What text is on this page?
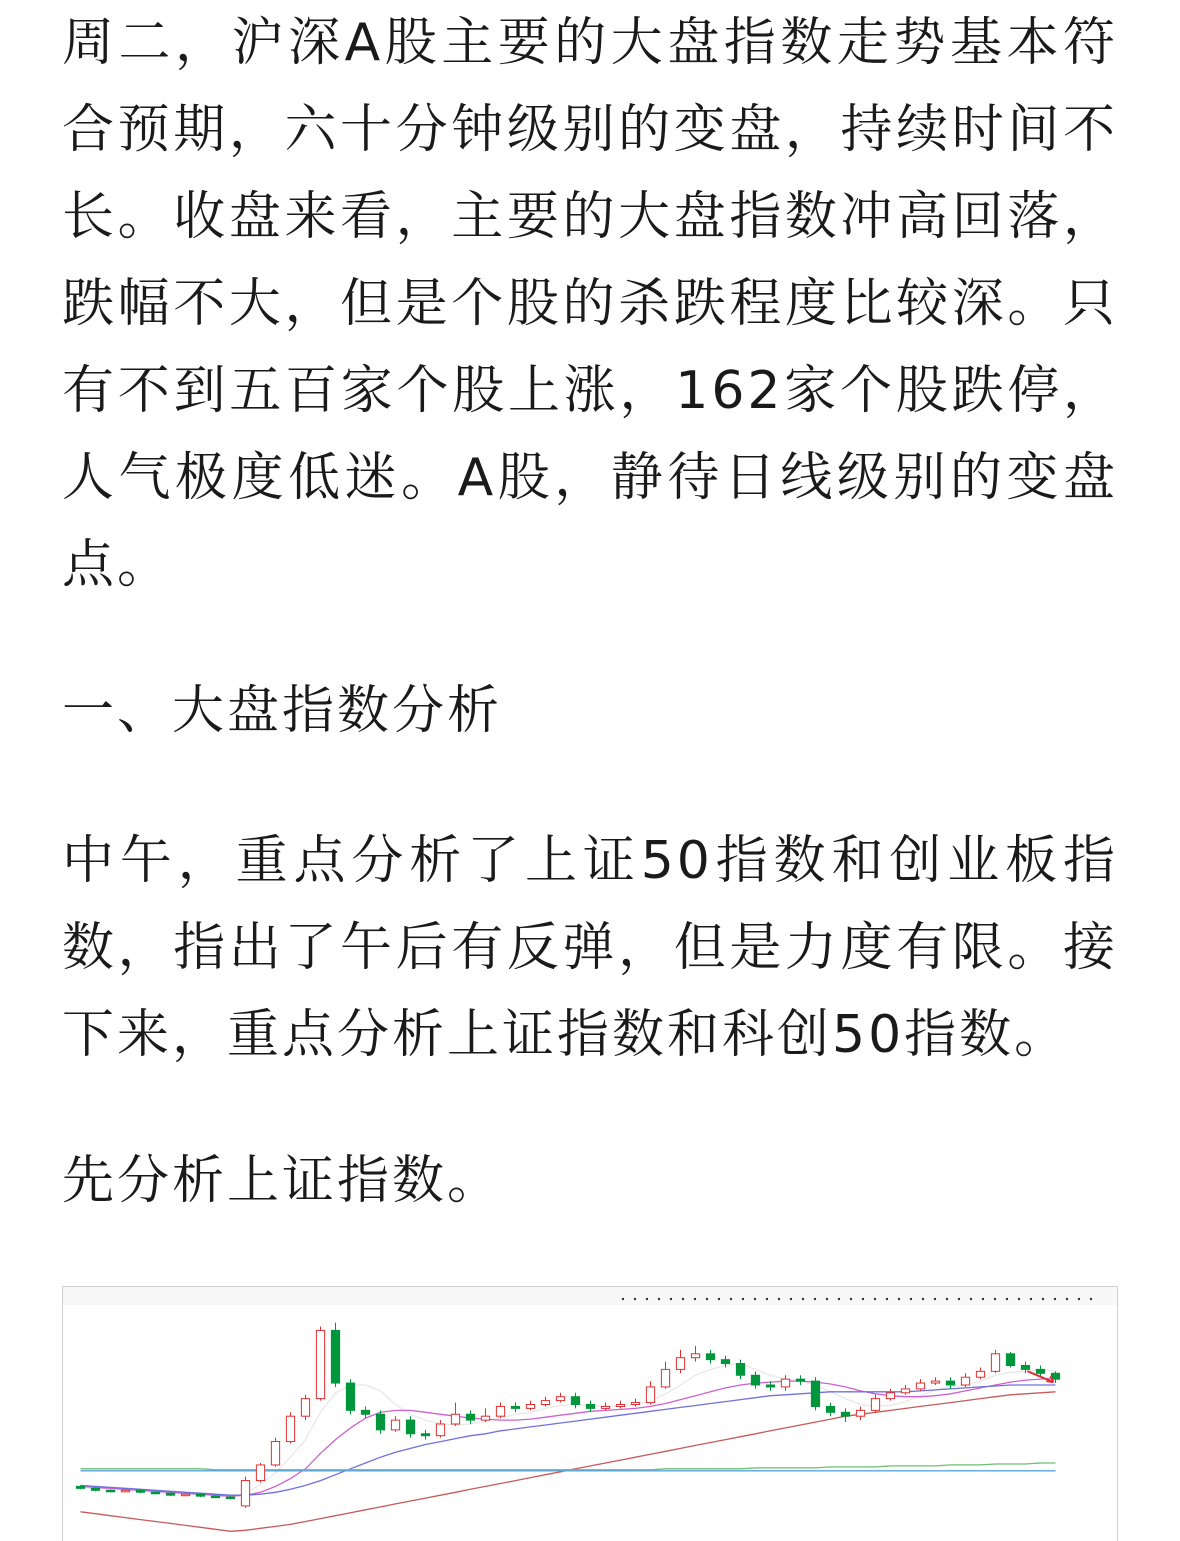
周二，沪深A股主要的大盘指数走势基本符合预期，六十分钟级别的变盘，持续时间不长。收盘来看，主要的大盘指数冲高回落，跌幅不大，但是个股的杀跌程度比较深。只有不到五百家个股上涨，162家个股跌停，人气极度低迷。A股，静待日线级别的变盘点。

一、大盘指数分析

中午，重点分析了上证50指数和创业板指数，指出了午后有反弹，但是力度有限。接下来，重点分析上证指数和科创50指数。

先分析上证指数。
